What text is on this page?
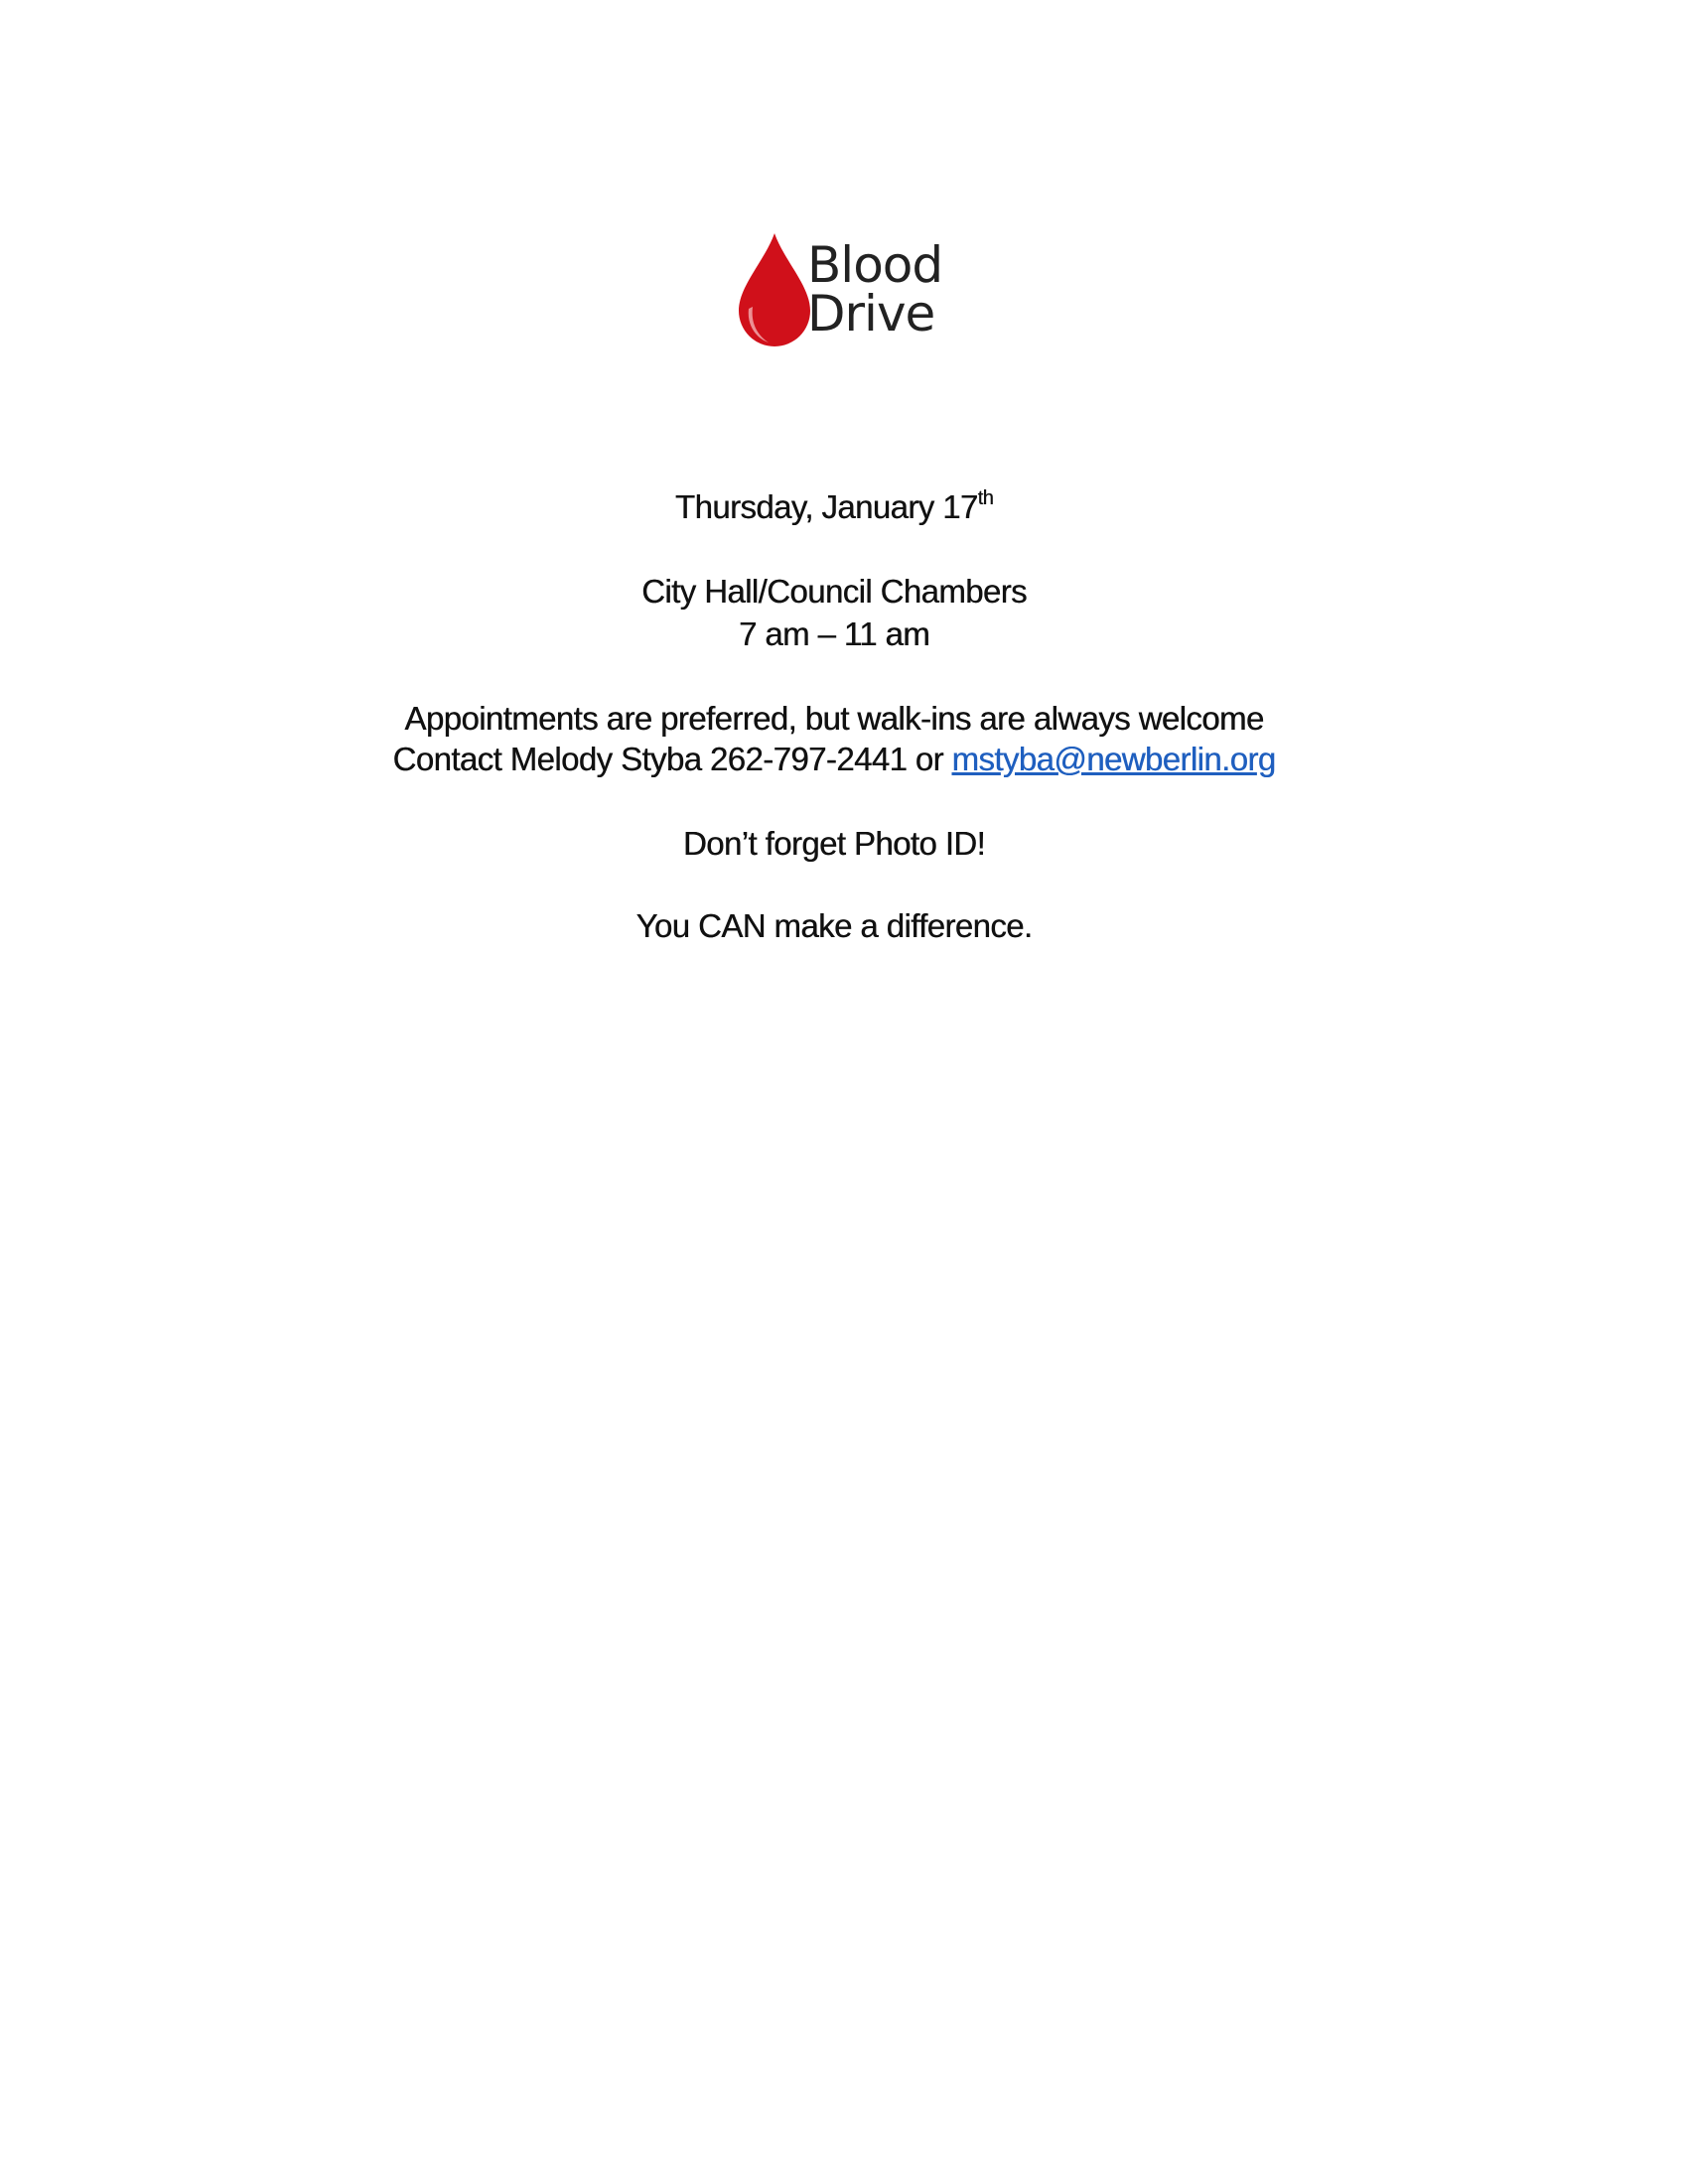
Blood
Drive
Thursday, January 17th
City Hall/Council Chambers
7 am – 11 am
Appointments are preferred, but walk-ins are always welcome
Contact Melody Styba 262-797-2441 or mstyba@newberlin.org
Don’t forget Photo ID!
You CAN make a difference.
